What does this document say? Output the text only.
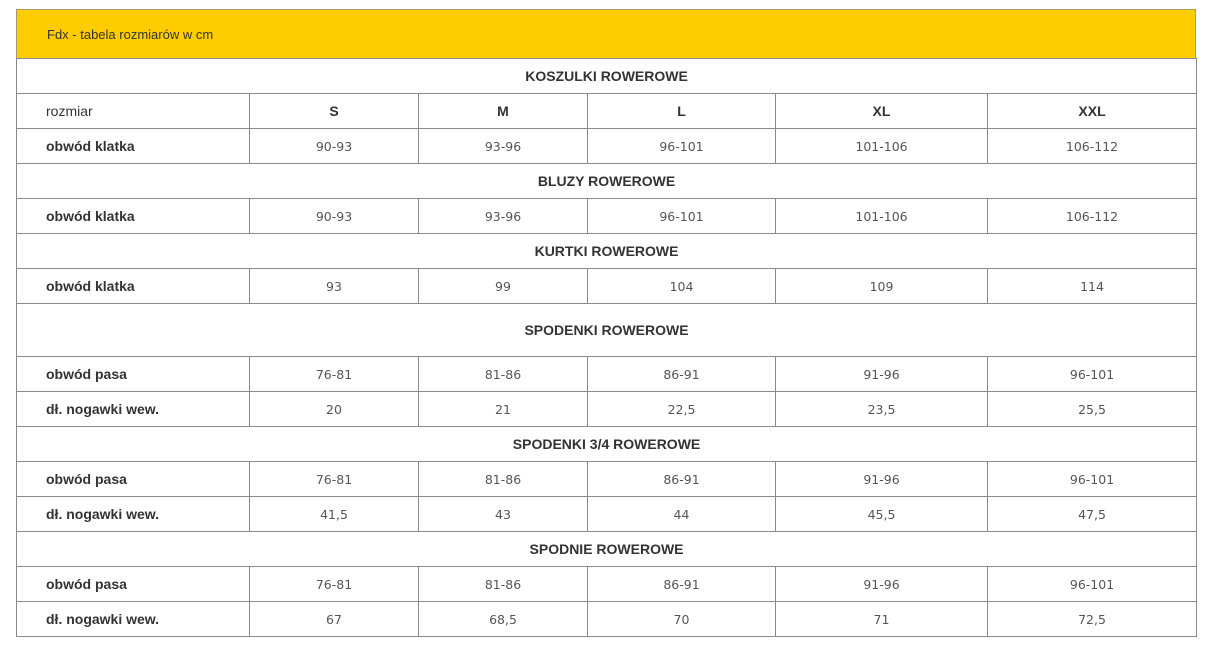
Fdx - tabela rozmiarów w cm
KOSZULKI ROWEROWE					
rozmiar	S	M	L	XL	XXL
obwód klatka	90-93	93-96	96-101	101-106	106-112
BLUZY ROWEROWE					
obwód klatka	90-93	93-96	96-101	101-106	106-112
KURTKI ROWEROWE					
obwód klatka	93	99	104	109	114
SPODENKI ROWEROWE					
obwód pasa	76-81	81-86	86-91	91-96	96-101
dł. nogawki wew.	20	21	22,5	23,5	25,5
SPODENKI 3/4 ROWEROWE					
obwód pasa	76-81	81-86	86-91	91-96	96-101
dł. nogawki wew.	41,5	43	44	45,5	47,5
SPODNIE ROWEROWE					
obwód pasa	76-81	81-86	86-91	91-96	96-101
dł. nogawki wew.	67	68,5	70	71	72,5
